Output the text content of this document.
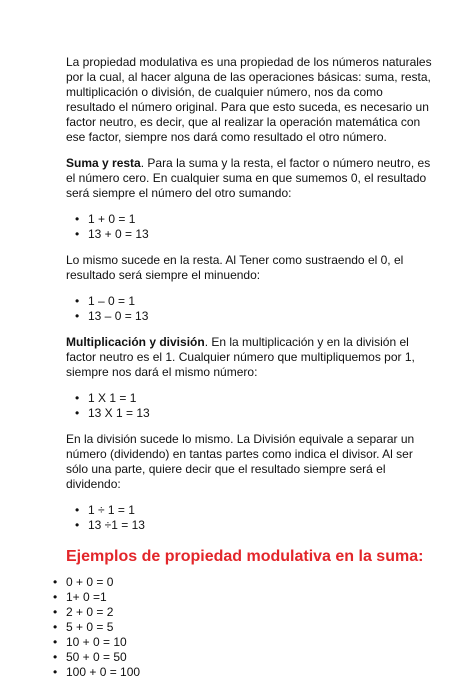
La propiedad modulativa es una propiedad de los números naturales por la cual, al hacer alguna de las operaciones básicas: suma, resta, multiplicación o división, de cualquier número, nos da como resultado el número original. Para que esto suceda, es necesario un factor neutro, es decir, que al realizar la operación matemática con ese factor, siempre nos dará como resultado el otro número.

Suma y resta. Para la suma y la resta, el factor o número neutro, es el número cero. En cualquier suma en que sumemos 0, el resultado será siempre el número del otro sumando:

• 1 + 0 = 1
• 13 + 0 = 13

Lo mismo sucede en la resta. Al Tener como sustraendo el 0, el resultado será siempre el minuendo:

• 1 – 0 = 1
• 13 – 0 = 13

Multiplicación y división. En la multiplicación y en la división el factor neutro es el 1. Cualquier número que multipliquemos por 1, siempre nos dará el mismo número:

• 1 X 1 = 1
• 13 X 1 = 13

En la división sucede lo mismo. La División equivale a separar un número (dividendo) en tantas partes como indica el divisor. Al ser sólo una parte, quiere decir que el resultado siempre será el dividendo:

• 1 ÷ 1 = 1
• 13 ÷1 = 13
Ejemplos de propiedad modulativa en la suma:
• 0 + 0 = 0
• 1+ 0 =1
• 2 + 0 = 2
• 5 + 0 = 5
• 10 + 0 = 10
• 50 + 0 = 50
• 100 + 0 = 100
